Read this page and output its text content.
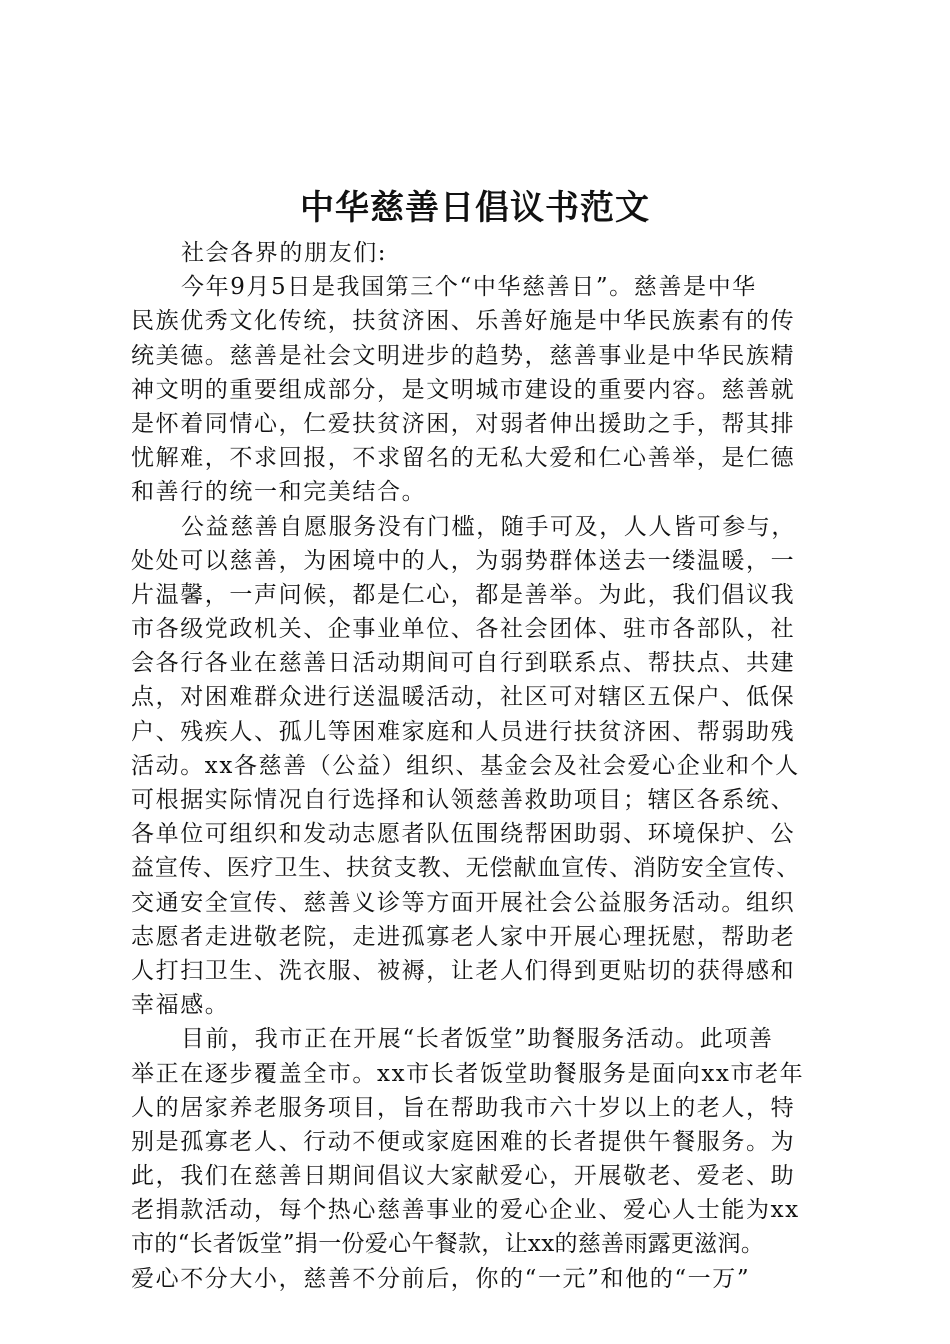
中华慈善日倡议书范文
社会各界的朋友们:
今年9月5日是我国第三个“中华慈善日”。慈善是中华
民族优秀文化传统，扶贫济困、乐善好施是中华民族素有的传
统美德。慈善是社会文明进步的趋势，慈善事业是中华民族精
神文明的重要组成部分，是文明城市建设的重要内容。慈善就
是怀着同情心，仁爱扶贫济困，对弱者伸出援助之手，帮其排
忧解难，不求回报，不求留名的无私大爱和仁心善举，是仁德
和善行的统一和完美结合。
公益慈善自愿服务没有门槛，随手可及，人人皆可参与，
处处可以慈善，为困境中的人，为弱势群体送去一缕温暖，一
片温馨，一声问候，都是仁心，都是善举。为此，我们倡议我
市各级党政机关、企事业单位、各社会团体、驻市各部队，社
会各行各业在慈善日活动期间可自行到联系点、帮扶点、共建
点，对困难群众进行送温暖活动，社区可对辖区五保户、低保
户、残疾人、孤儿等困难家庭和人员进行扶贫济困、帮弱助残
活动。xx各慈善（公益）组织、基金会及社会爱心企业和个人
可根据实际情况自行选择和认领慈善救助项目；辖区各系统、
各单位可组织和发动志愿者队伍围绕帮困助弱、环境保护、公
益宣传、医疗卫生、扶贫支教、无偿献血宣传、消防安全宣传、
交通安全宣传、慈善义诊等方面开展社会公益服务活动。组织
志愿者走进敬老院，走进孤寡老人家中开展心理抚慰，帮助老
人打扫卫生、洗衣服、被褥，让老人们得到更贴切的获得感和
幸福感。
目前，我市正在开展“长者饭堂”助餐服务活动。此项善
举正在逐步覆盖全市。xx市长者饭堂助餐服务是面向xx市老年
人的居家养老服务项目，旨在帮助我市六十岁以上的老人，特
别是孤寡老人、行动不便或家庭困难的长者提供午餐服务。为
此，我们在慈善日期间倡议大家献爱心，开展敬老、爱老、助
老捐款活动，每个热心慈善事业的爱心企业、爱心人士能为xx
市的“长者饭堂”捐一份爱心午餐款，让xx的慈善雨露更滋润。
爱心不分大小，慈善不分前后，你的“一元”和他的“一万”
